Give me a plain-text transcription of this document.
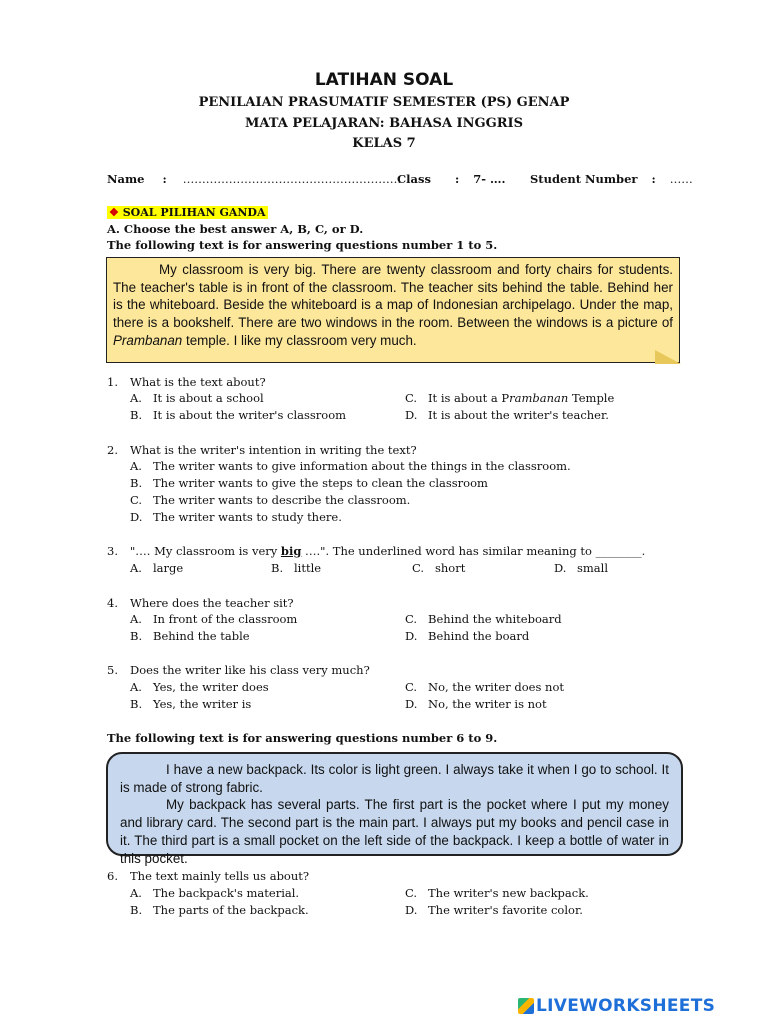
LATIHAN SOAL
PENILAIAN PRASUMATIF SEMESTER (PS) GENAP
MATA PELAJARAN: BAHASA INGGRIS
KELAS 7
Name : …………………………………………………
Class : 7- …. Student Number : ……
❖ SOAL PILIHAN GANDA
A. Choose the best answer A, B, C, or D.
The following text is for answering questions number 1 to 5.
My classroom is very big. There are twenty classroom and forty chairs for students. The teacher's table is in front of the classroom. The teacher sits behind the table. Behind her is the whiteboard. Beside the whiteboard is a map of Indonesian archipelago. Under the map, there is a bookshelf. There are two windows in the room. Between the windows is a picture of Prambanan temple. I like my classroom very much.
1. What is the text about?
A. It is about a school
B. It is about the writer's classroom
C. It is about a Prambanan Temple
D. It is about the writer's teacher.
2. What is the writer's intention in writing the text?
A. The writer wants to give information about the things in the classroom.
B. The writer wants to give the steps to clean the classroom
C. The writer wants to describe the classroom.
D. The writer wants to study there.
3. "…. My classroom is very big ….". The underlined word has similar meaning to ________.
A. large	B. little	C. short	D. small
4. Where does the teacher sit?
A. In front of the classroom
B. Behind the table
C. Behind the whiteboard
D. Behind the board
5. Does the writer like his class very much?
A. Yes, the writer does
B. Yes, the writer is
C. No, the writer does not
D. No, the writer is not
The following text is for answering questions number 6 to 9.
I have a new backpack. Its color is light green. I always take it when I go to school. It is made of strong fabric.
My backpack has several parts. The first part is the pocket where I put my money and library card. The second part is the main part. I always put my books and pencil case in it. The third part is a small pocket on the left side of the backpack. I keep a bottle of water in this pocket.
6. The text mainly tells us about?
A. The backpack's material.
B. The parts of the backpack.
C. The writer's new backpack.
D. The writer's favorite color.
LIVEWORKSHEETS
